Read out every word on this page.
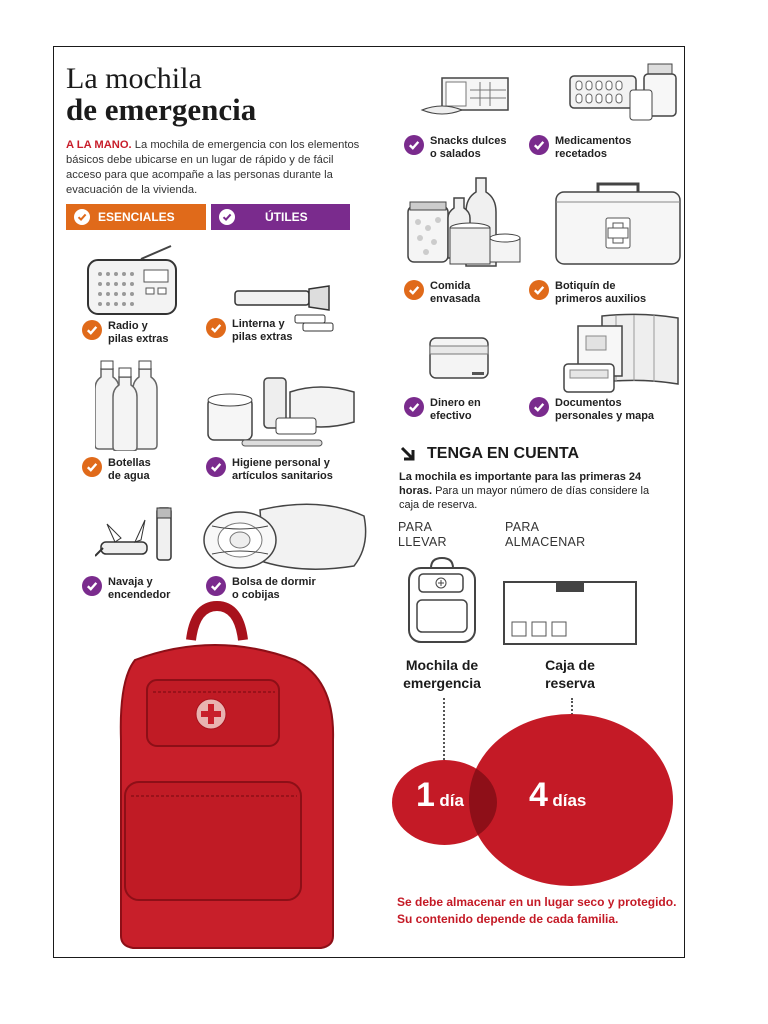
La mochila
de emergencia
A LA MANO. La mochila de emergencia con los elementos básicos debe ubicarse en un lugar de rápido y de fácil acceso para que acompañe a las personas durante la evacuación de la vivienda.
ESENCIALES	ÚTILES
Radio y
pilas extras
Linterna y
pilas extras
Botellas
de agua
Higiene personal y
artículos sanitarios
Navaja y
encendedor
Bolsa de dormir
o cobijas
Snacks dulces
o salados
Medicamentos
recetados
Comida
envasada
Botiquín de
primeros auxilios
Dinero en
efectivo
Documentos
personales y mapa
TENGA EN CUENTA
La mochila es importante para las primeras 24 horas. Para un mayor número de días considere la caja de reserva.
PARA
LLEVAR
PARA
ALMACENAR
Mochila de
emergencia
Caja de
reserva
1 día 4 días
Se debe almacenar en un lugar seco y protegido.
Su contenido depende de cada familia.
